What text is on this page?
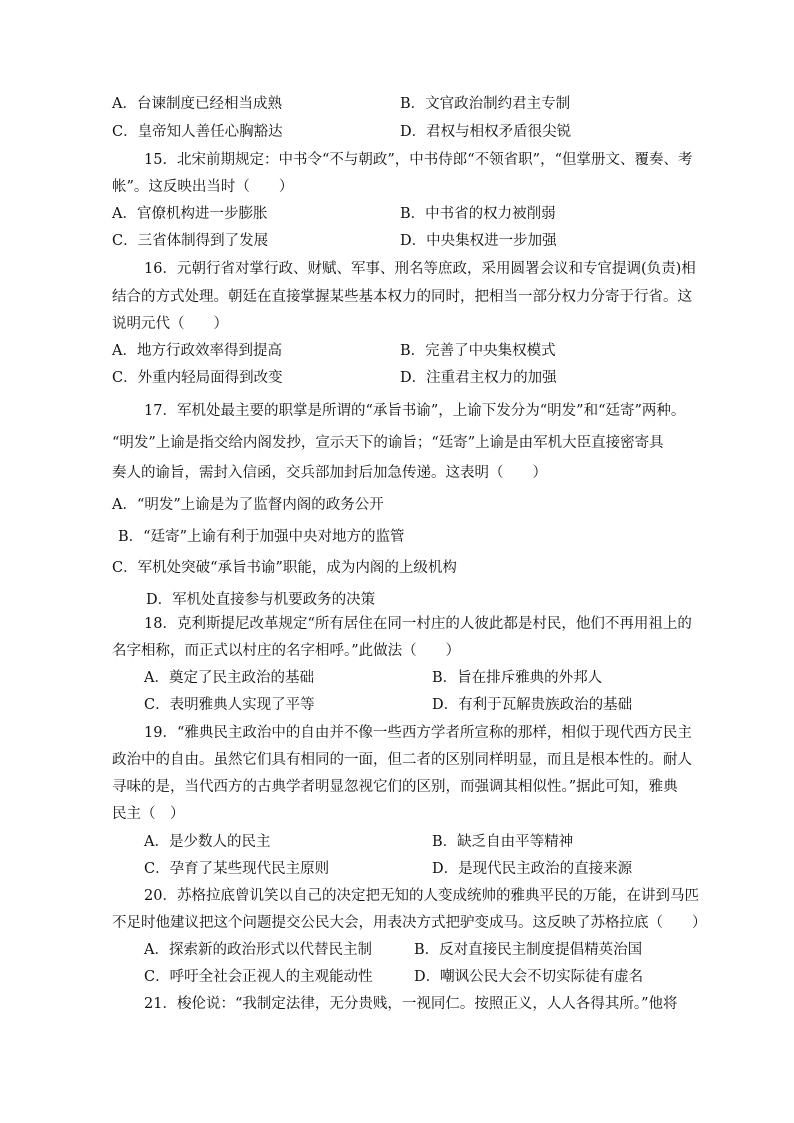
A．台谏制度已经相当成熟	B．文官政治制约君主专制
C．皇帝知人善任心胸豁达	D．君权与相权矛盾很尖锐
15．北宋前期规定：中书令“不与朝政”，中书侍郎“不领省职”，“但掌册文、覆奏、考
帐”。这反映出当时（　　）
A．官僚机构进一步膨胀	B．中书省的权力被削弱
C．三省体制得到了发展	D．中央集权进一步加强
16．元朝行省对掌行政、财赋、军事、刑名等庶政，采用圆署会议和专官提调(负责)相
结合的方式处理。朝廷在直接掌握某些基本权力的同时，把相当一部分权力分寄于行省。这
说明元代（　　）
A．地方行政效率得到提高	B．完善了中央集权模式
C．外重内轻局面得到改变	D．注重君主权力的加强
17．军机处最主要的职掌是所谓的“承旨书谕”，上谕下发分为“明发”和“廷寄”两种。
“明发”上谕是指交给内阁发抄，宣示天下的谕旨；“廷寄”上谕是由军机大臣直接密寄具
奏人的谕旨，需封入信函，交兵部加封后加急传递。这表明（　　）
A．“明发”上谕是为了监督内阁的政务公开
B．“廷寄”上谕有利于加强中央对地方的监管
C．军机处突破“承旨书谕”职能，成为内阁的上级机构
D．军机处直接参与机要政务的决策
18．克利斯提尼改革规定“所有居住在同一村庄的人彼此都是村民，他们不再用祖上的
名字相称，而正式以村庄的名字相呼。”此做法（　　）
A．奠定了民主政治的基础	B．旨在排斥雅典的外邦人
C．表明雅典人实现了平等	D．有利于瓦解贵族政治的基础
19．“雅典民主政治中的自由并不像一些西方学者所宣称的那样，相似于现代西方民主
政治中的自由。虽然它们具有相同的一面，但二者的区别同样明显，而且是根本性的。耐人
寻味的是，当代西方的古典学者明显忽视它们的区别，而强调其相似性。”据此可知，雅典
民主（　）
A．是少数人的民主	B．缺乏自由平等精神
C．孕育了某些现代民主原则	D．是现代民主政治的直接来源
20．苏格拉底曾讥笑以自己的决定把无知的人变成统帅的雅典平民的万能，在讲到马匹
不足时他建议把这个问题提交公民大会，用表决方式把驴变成马。这反映了苏格拉底（　　）
A．探索新的政治形式以代替民主制	B．反对直接民主制度提倡精英治国
C．呼吁全社会正视人的主观能动性	D．嘲讽公民大会不切实际徒有虚名
21．梭伦说：“我制定法律，无分贵贱，一视同仁。按照正义，人人各得其所。”他将
